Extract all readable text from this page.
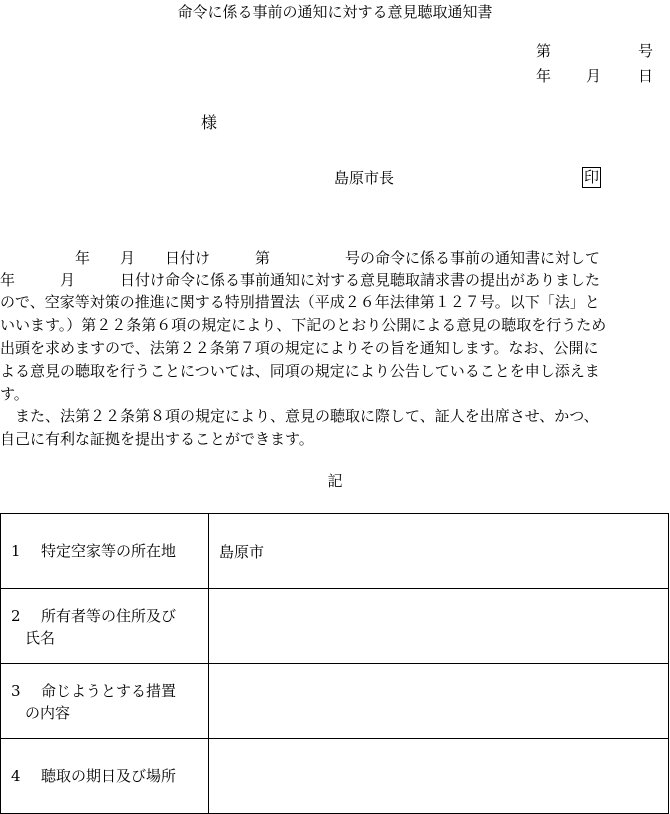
命令に係る事前の通知に対する意見聴取通知書
第	号
年 月 日
様
島原市長	印
　　　　　年　　月　　日付け　　　第　　　　　号の命令に係る事前の通知書に対して
年　　　月　　　日付け命令に係る事前通知に対する意見聴取請求書の提出がありました
ので、空家等対策の推進に関する特別措置法（平成２６年法律第１２７号。以下「法」と
いいます。）第２２条第６項の規定により、下記のとおり公開による意見の聴取を行うため
出頭を求めますので、法第２２条第７項の規定によりその旨を通知します。なお、公開に
よる意見の聴取を行うことについては、同項の規定により公告していることを申し添えま
す。
　また、法第２２条第８項の規定により、意見の聴取に際して、証人を出席させ、かつ、
自己に有利な証拠を提出することができます。
記
1 特定空家等の所在地	島原市

2 所有者等の住所及び
氏名	

3 命じようとする措置
の内容	

4 聴取の期日及び場所	
